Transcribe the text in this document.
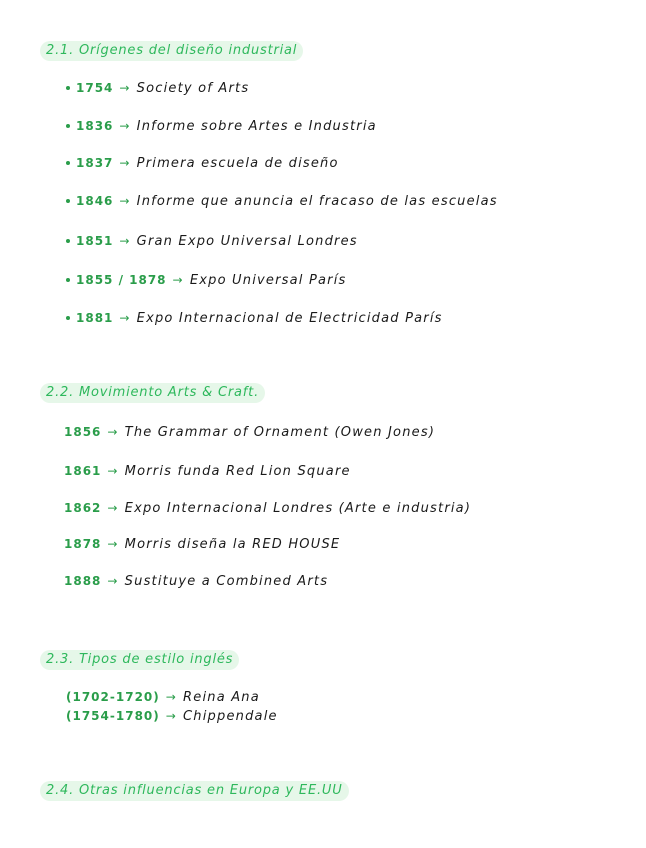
2.1. Orígenes del diseño industrial
1754 → Society of Arts
1836 → Informe sobre Artes e Industria
1837 → Primera escuela de diseño
1846 → Informe que anuncia el fracaso de las escuelas
1851 → Gran Expo Universal Londres
1855 / 1878 → Expo Universal París
1881 → Expo Internacional de Electricidad París
2.2. Movimiento Arts & Craft.
1856 → The Grammar of Ornament (Owen Jones)
1861 → Morris funda Red Lion Square
1862 → Expo Internacional Londres (Arte e industria)
1878 → Morris diseña la RED HOUSE
1888 → Sustituye a Combined Arts
2.3. Tipos de estilo inglés
(1702-1720) → Reina Ana
(1754-1780) → Chippendale
2.4. Otras influencias en Europa y EE.UU
